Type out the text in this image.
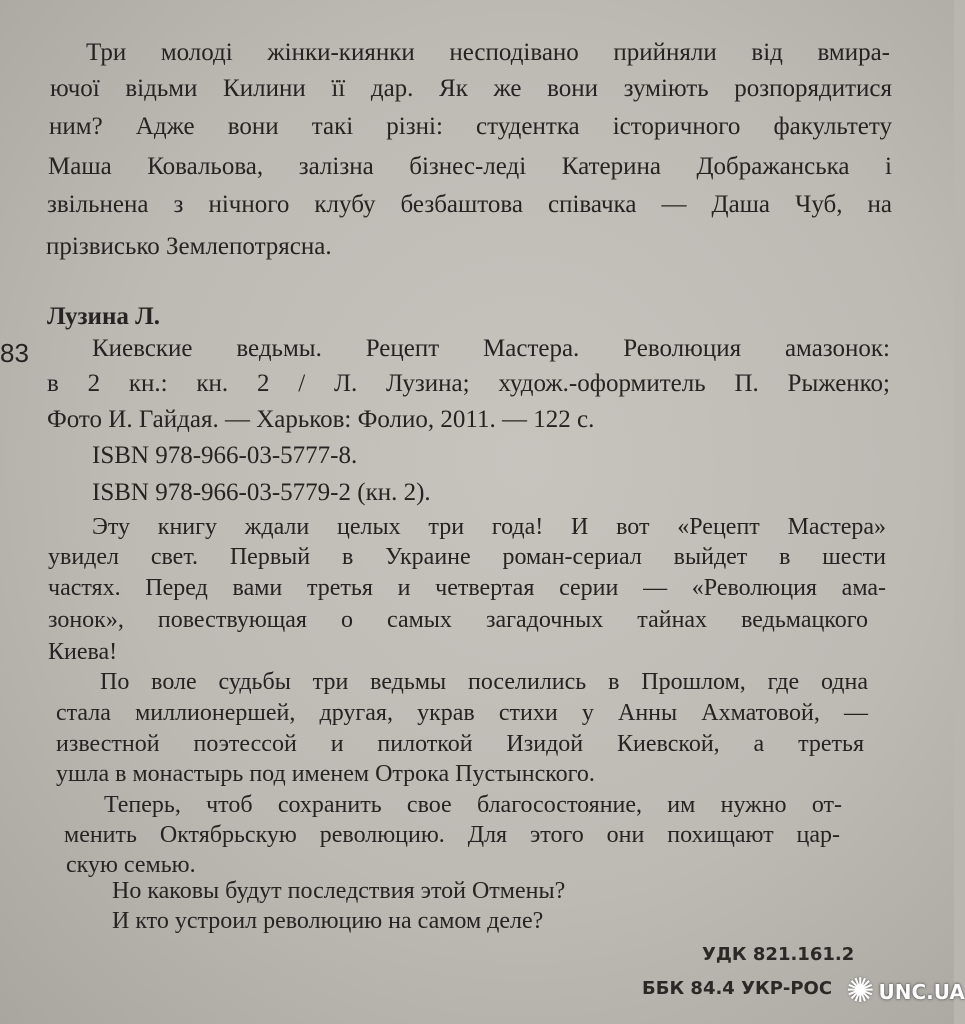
Три молоді жінки-киянки несподівано прийняли від вмира-
ючої відьми Килини її дар. Як же вони зуміють розпорядитися
ним? Адже вони такі різні: студентка історичного факультету
Маша Ковальова, залізна бізнес-леді Катерина Дображанська і
звільнена з нічного клубу безбаштова співачка — Даша Чуб, на
прізвисько Землепотрясна.
Лузина Л.
83	Киевские ведьмы. Рецепт Мастера. Революция амазонок:
в 2 кн.: кн. 2 / Л. Лузина; худож.-оформитель П. Рыженко;
Фото И. Гайдая. — Харьков: Фолио, 2011. — 122 с.
ISBN 978-966-03-5777-8.
ISBN 978-966-03-5779-2 (кн. 2).
Эту книгу ждали целых три года! И вот «Рецепт Мастера»
увидел свет. Первый в Украине роман-сериал выйдет в шести
частях. Перед вами третья и четвертая серии — «Революция ама-
зонок», повествующая о самых загадочных тайнах ведьмацкого
Киева!
По воле судьбы три ведьмы поселились в Прошлом, где одна
стала миллионершей, другая, украв стихи у Анны Ахматовой, —
известной поэтессой и пилоткой Изидой Киевской, а третья
ушла в монастырь под именем Отрока Пустынского.
Теперь, чтоб сохранить свое благосостояние, им нужно от-
менить Октябрьскую революцию. Для этого они похищают цар-
скую семью.
Но каковы будут последствия этой Отмены?
И кто устроил революцию на самом деле?
УДК 821.161.2
ББК 84.4 УКР-РОС ✺ UNC.UA
